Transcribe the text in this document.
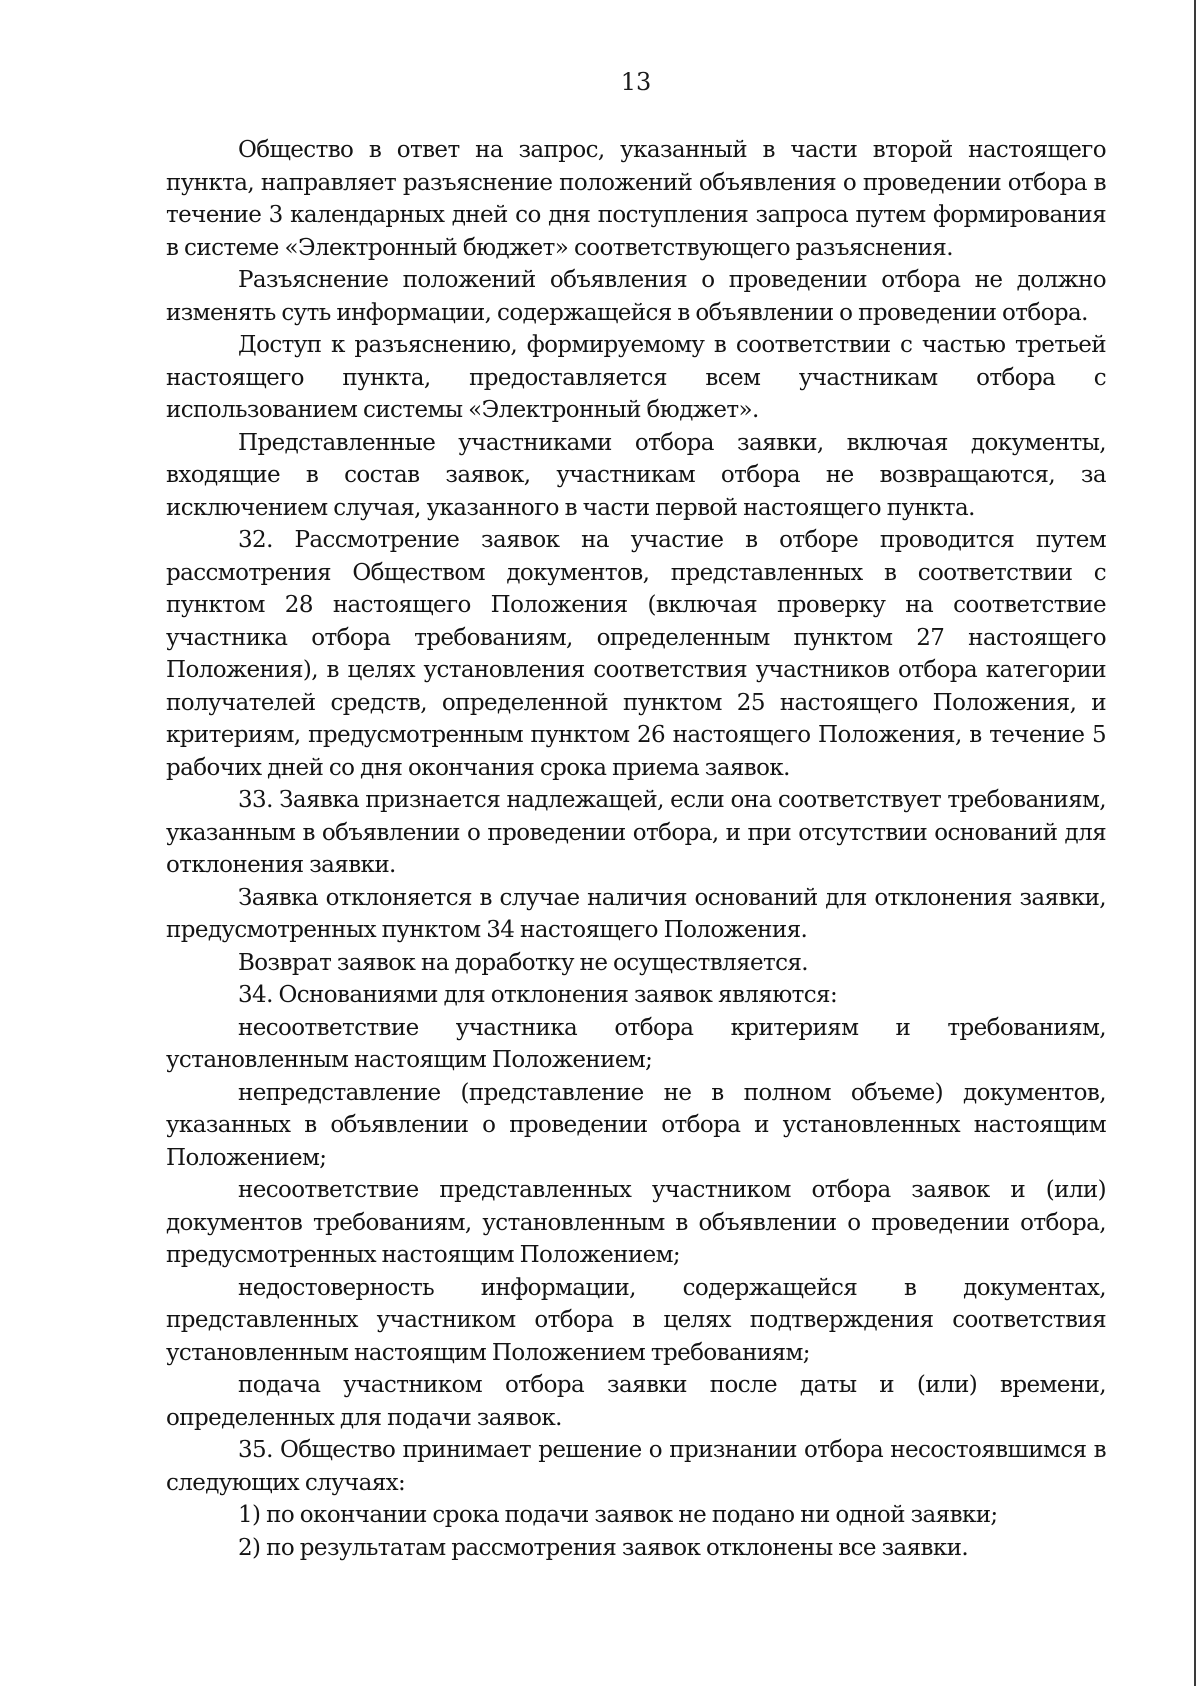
13

Общество в ответ на запрос, указанный в части второй настоящего пункта, направляет разъяснение положений объявления о проведении отбора в течение 3 календарных дней со дня поступления запроса путем формирования в системе «Электронный бюджет» соответствующего разъяснения.

Разъяснение положений объявления о проведении отбора не должно изменять суть информации, содержащейся в объявлении о проведении отбора.

Доступ к разъяснению, формируемому в соответствии с частью третьей настоящего пункта, предоставляется всем участникам отбора с использованием системы «Электронный бюджет».

Представленные участниками отбора заявки, включая документы, входящие в состав заявок, участникам отбора не возвращаются, за исключением случая, указанного в части первой настоящего пункта.

32. Рассмотрение заявок на участие в отборе проводится путем рассмотрения Обществом документов, представленных в соответствии с пунктом 28 настоящего Положения (включая проверку на соответствие участника отбора требованиям, определенным пунктом 27 настоящего Положения), в целях установления соответствия участников отбора категории получателей средств, определенной пунктом 25 настоящего Положения, и критериям, предусмотренным пунктом 26 настоящего Положения, в течение 5 рабочих дней со дня окончания срока приема заявок.

33. Заявка признается надлежащей, если она соответствует требованиям, указанным в объявлении о проведении отбора, и при отсутствии оснований для отклонения заявки.

Заявка отклоняется в случае наличия оснований для отклонения заявки, предусмотренных пунктом 34 настоящего Положения.

Возврат заявок на доработку не осуществляется.

34. Основаниями для отклонения заявок являются:

несоответствие участника отбора критериям и требованиям, установленным настоящим Положением;

непредставление (представление не в полном объеме) документов, указанных в объявлении о проведении отбора и установленных настоящим Положением;

несоответствие представленных участником отбора заявок и (или) документов требованиям, установленным в объявлении о проведении отбора, предусмотренных настоящим Положением;

недостоверность информации, содержащейся в документах, представленных участником отбора в целях подтверждения соответствия установленным настоящим Положением требованиям;

подача участником отбора заявки после даты и (или) времени, определенных для подачи заявок.

35. Общество принимает решение о признании отбора несостоявшимся в следующих случаях:

1) по окончании срока подачи заявок не подано ни одной заявки;

2) по результатам рассмотрения заявок отклонены все заявки.
